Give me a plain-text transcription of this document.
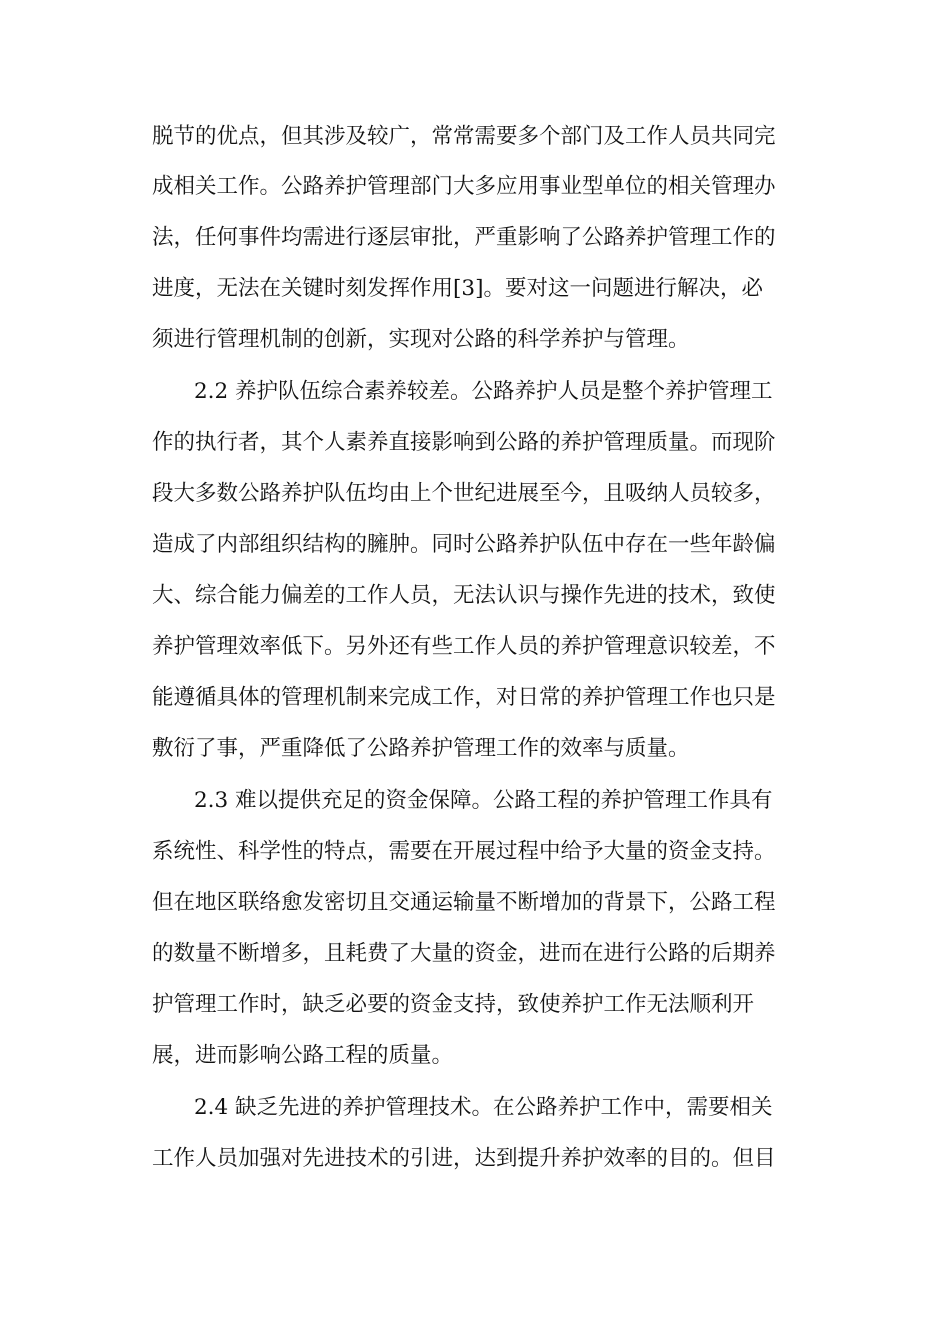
脱节的优点，但其涉及较广，常常需要多个部门及工作人员共同完
成相关工作。公路养护管理部门大多应用事业型单位的相关管理办
法，任何事件均需进行逐层审批，严重影响了公路养护管理工作的
进度，无法在关键时刻发挥作用[3]。要对这一问题进行解决，必
须进行管理机制的创新，实现对公路的科学养护与管理。
2.2 养护队伍综合素养较差。公路养护人员是整个养护管理工
作的执行者，其个人素养直接影响到公路的养护管理质量。而现阶
段大多数公路养护队伍均由上个世纪进展至今，且吸纳人员较多，
造成了内部组织结构的臃肿。同时公路养护队伍中存在一些年龄偏
大、综合能力偏差的工作人员，无法认识与操作先进的技术，致使
养护管理效率低下。另外还有些工作人员的养护管理意识较差，不
能遵循具体的管理机制来完成工作，对日常的养护管理工作也只是
敷衍了事，严重降低了公路养护管理工作的效率与质量。
2.3 难以提供充足的资金保障。公路工程的养护管理工作具有
系统性、科学性的特点，需要在开展过程中给予大量的资金支持。
但在地区联络愈发密切且交通运输量不断增加的背景下，公路工程
的数量不断增多，且耗费了大量的资金，进而在进行公路的后期养
护管理工作时，缺乏必要的资金支持，致使养护工作无法顺利开
展，进而影响公路工程的质量。
2.4 缺乏先进的养护管理技术。在公路养护工作中，需要相关
工作人员加强对先进技术的引进，达到提升养护效率的目的。但目
